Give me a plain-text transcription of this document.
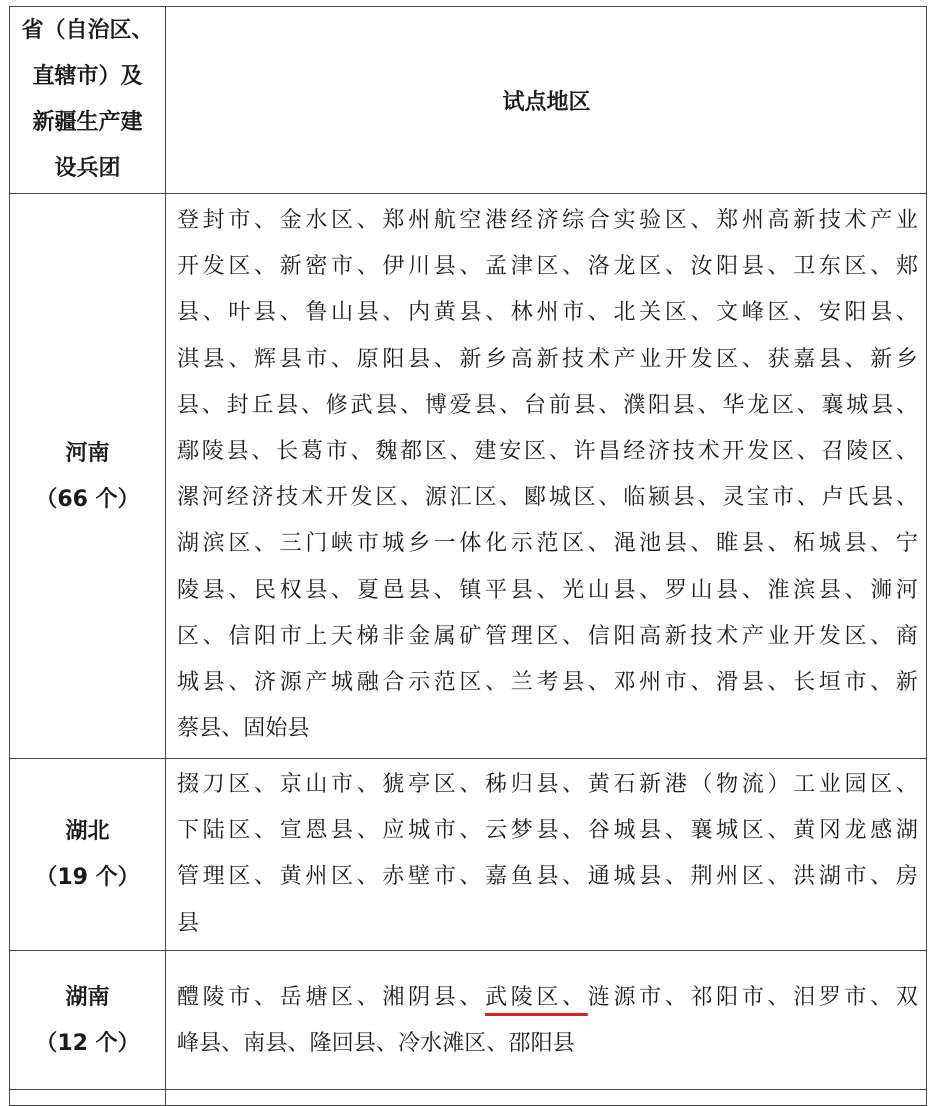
省（自治区、
直辖市）及
新疆生产建
设兵团
试点地区
河南
（66 个）
登封市、金水区、郑州航空港经济综合实验区、郑州高新技术产业
开发区、新密市、伊川县、孟津区、洛龙区、汝阳县、卫东区、郏
县、叶县、鲁山县、内黄县、林州市、北关区、文峰区、安阳县、
淇县、辉县市、原阳县、新乡高新技术产业开发区、获嘉县、新乡
县、封丘县、修武县、博爱县、台前县、濮阳县、华龙区、襄城县、
鄢陵县、长葛市、魏都区、建安区、许昌经济技术开发区、召陵区、
漯河经济技术开发区、源汇区、郾城区、临颍县、灵宝市、卢氏县、
湖滨区、三门峡市城乡一体化示范区、渑池县、睢县、柘城县、宁
陵县、民权县、夏邑县、镇平县、光山县、罗山县、淮滨县、浉河
区、信阳市上天梯非金属矿管理区、信阳高新技术产业开发区、商
城县、济源产城融合示范区、兰考县、邓州市、滑县、长垣市、新
蔡县、固始县
湖北
（19 个）
掇刀区、京山市、猇亭区、秭归县、黄石新港（物流）工业园区、
下陆区、宣恩县、应城市、云梦县、谷城县、襄城区、黄冈龙感湖
管理区、黄州区、赤壁市、嘉鱼县、通城县、荆州区、洪湖市、房
县
湖南
（12 个）
醴陵市、岳塘区、湘阴县、武陵区、涟源市、祁阳市、汨罗市、双
峰县、南县、隆回县、冷水滩区、邵阳县
